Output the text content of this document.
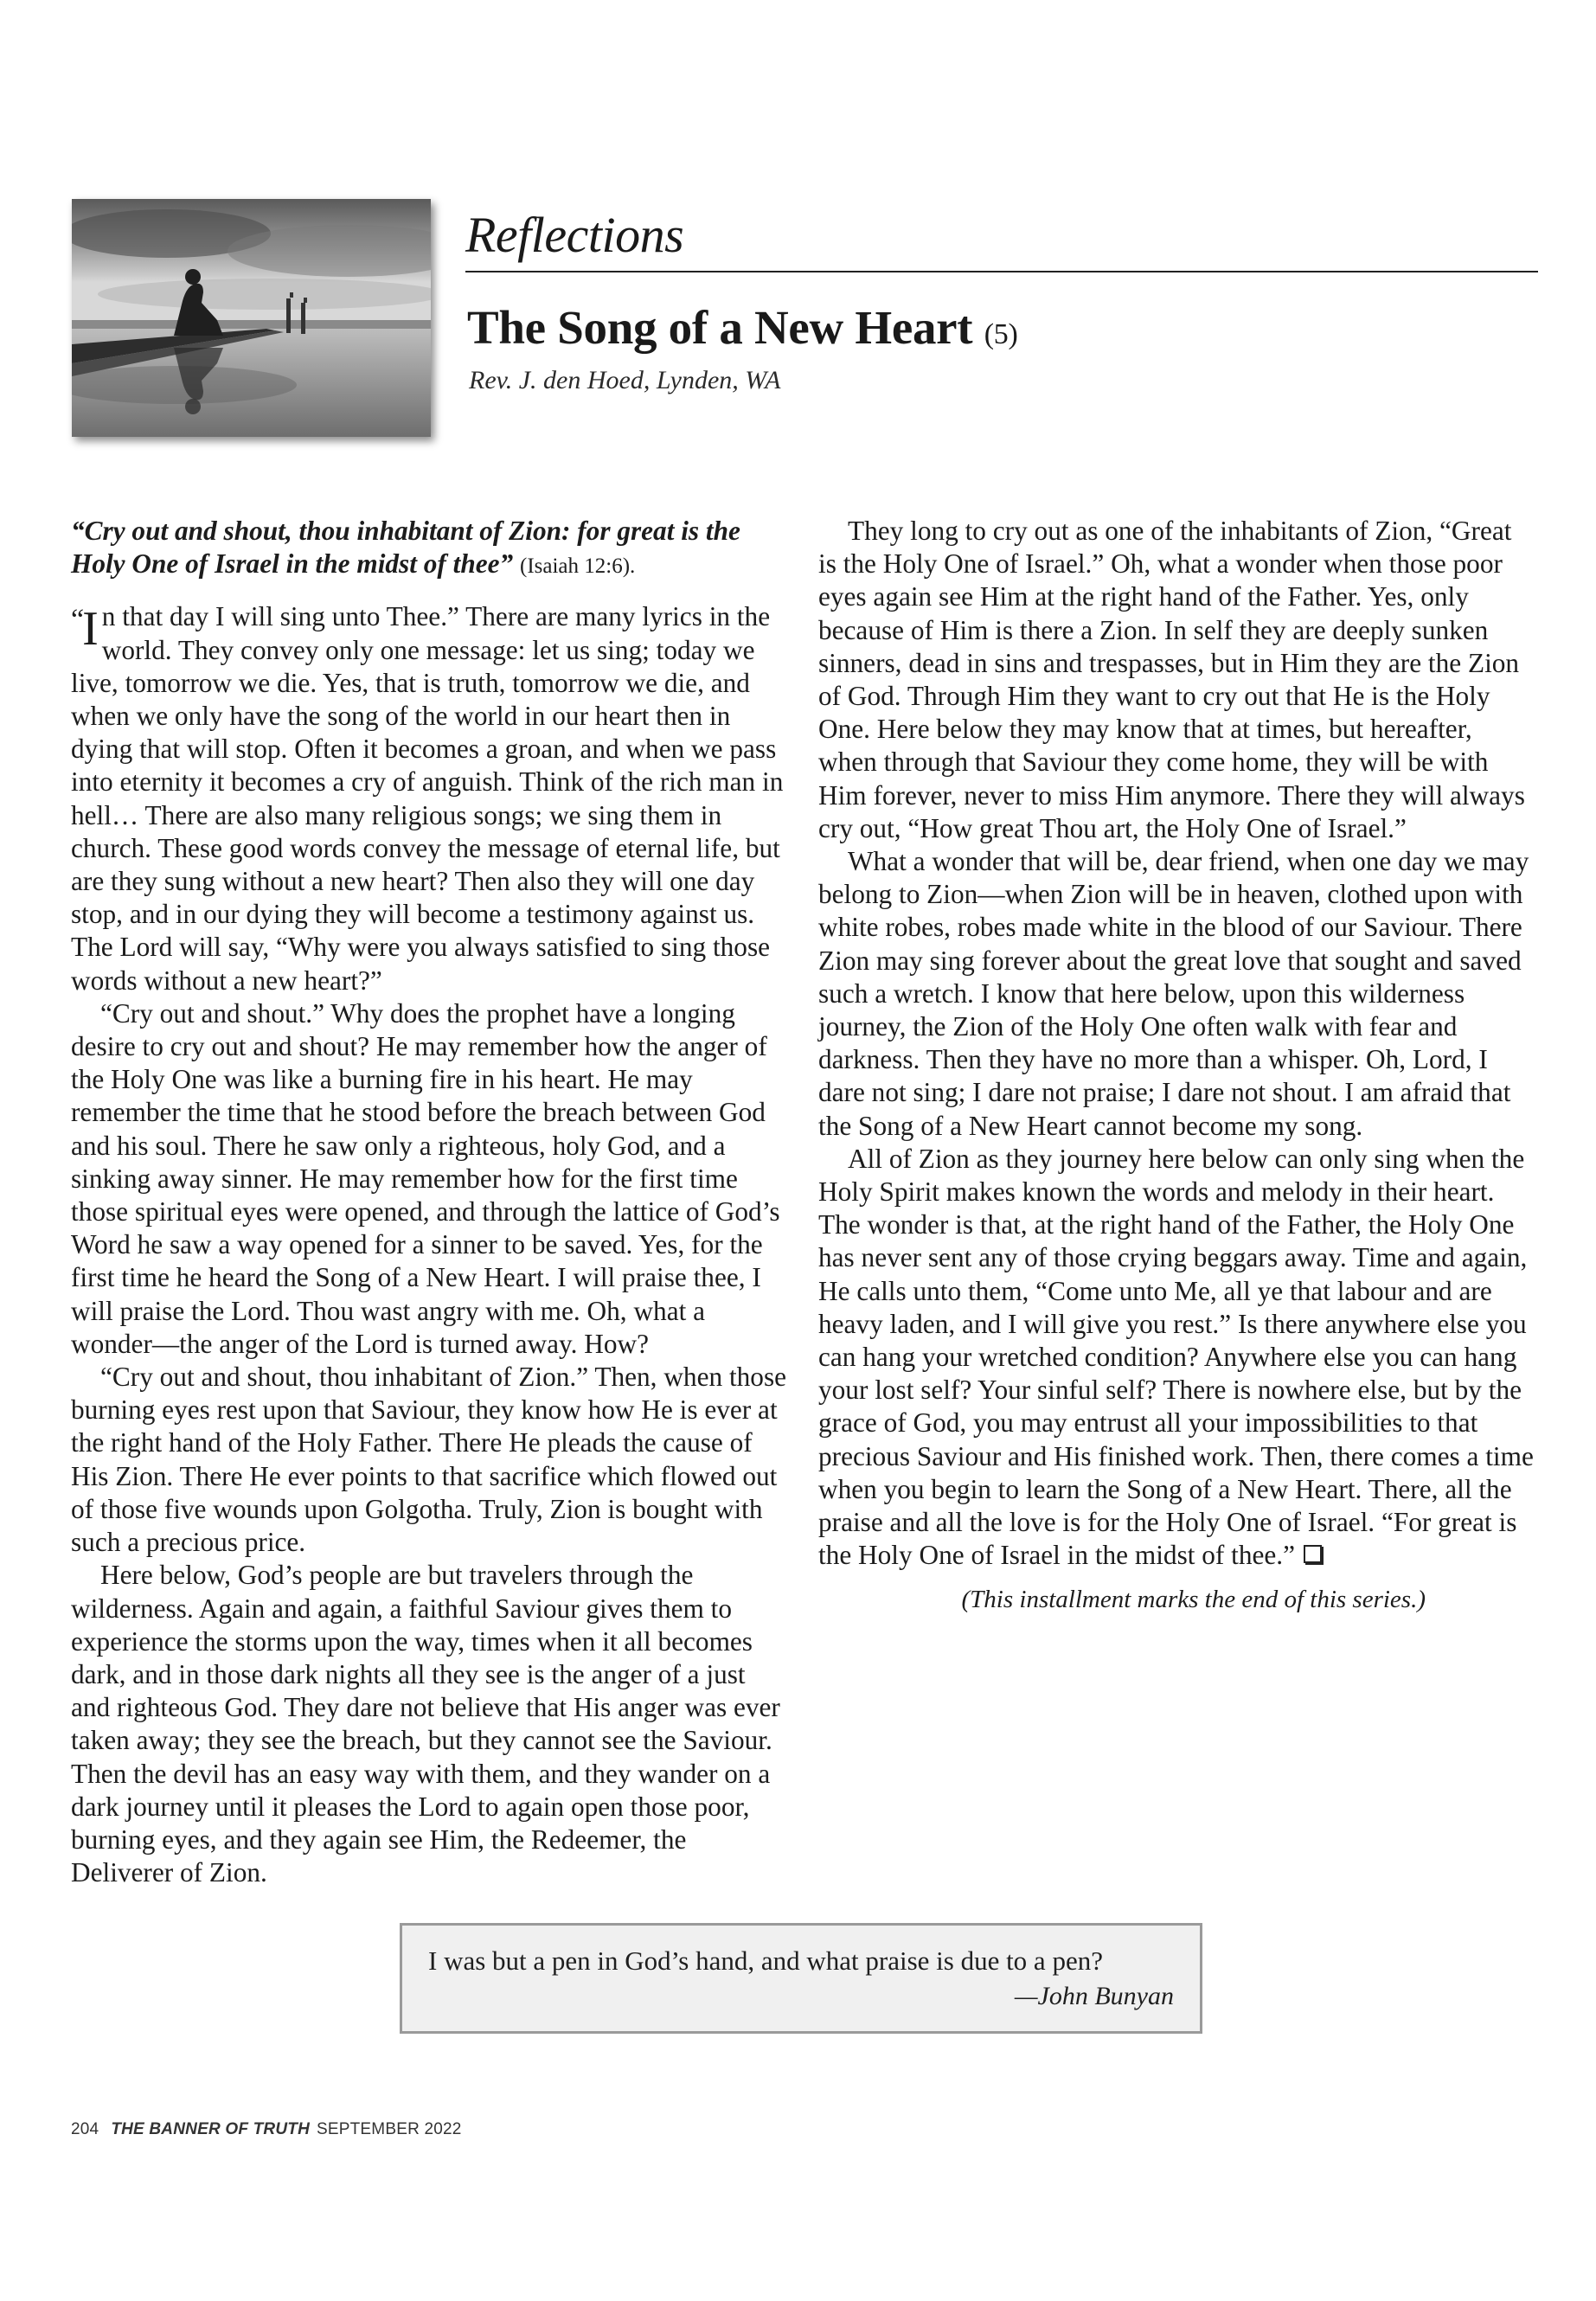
Reflections
The Song of a New Heart (5)
Rev. J. den Hoed, Lynden, WA

“Cry out and shout, thou inhabitant of Zion: for great is the Holy One of Israel in the midst of thee” (Isaiah 12:6).

“I n that day I will sing unto Thee.” There are many lyrics in the world. They convey only one message: let us sing; today we live, tomorrow we die. Yes, that is truth, tomorrow we die, and when we only have the song of the world in our heart then in dying that will stop. Often it becomes a groan, and when we pass into eternity it becomes a cry of anguish. Think of the rich man in hell… There are also many religious songs; we sing them in church. These good words convey the message of eternal life, but are they sung without a new heart? Then also they will one day stop, and in our dying they will become a testimony against us. The Lord will say, “Why were you always satisfied to sing those words without a new heart?”

“Cry out and shout.” Why does the prophet have a longing desire to cry out and shout? He may remember how the anger of the Holy One was like a burning fire in his heart. He may remember the time that he stood before the breach between God and his soul. There he saw only a righteous, holy God, and a sinking away sinner. He may remember how for the first time those spiritual eyes were opened, and through the lattice of God’s Word he saw a way opened for a sinner to be saved. Yes, for the first time he heard the Song of a New Heart. I will praise thee, I will praise the Lord. Thou wast angry with me. Oh, what a wonder—the anger of the Lord is turned away. How?

“Cry out and shout, thou inhabitant of Zion.” Then, when those burning eyes rest upon that Saviour, they know how He is ever at the right hand of the Holy Father. There He pleads the cause of His Zion. There He ever points to that sacrifice which flowed out of those five wounds upon Golgotha. Truly, Zion is bought with such a precious price.

Here below, God’s people are but travelers through the wilderness. Again and again, a faithful Saviour gives them to experience the storms upon the way, times when it all becomes dark, and in those dark nights all they see is the anger of a just and righteous God. They dare not believe that His anger was ever taken away; they see the breach, but they cannot see the Saviour. Then the devil has an easy way with them, and they wander on a dark journey until it pleases the Lord to again open those poor, burning eyes, and they again see Him, the Redeemer, the Deliverer of Zion.

They long to cry out as one of the inhabitants of Zion, “Great is the Holy One of Israel.” Oh, what a wonder when those poor eyes again see Him at the right hand of the Father. Yes, only because of Him is there a Zion. In self they are deeply sunken sinners, dead in sins and trespasses, but in Him they are the Zion of God. Through Him they want to cry out that He is the Holy One. Here below they may know that at times, but hereafter, when through that Saviour they come home, they will be with Him forever, never to miss Him anymore. There they will always cry out, “How great Thou art, the Holy One of Israel.”

What a wonder that will be, dear friend, when one day we may belong to Zion—when Zion will be in heaven, clothed upon with white robes, robes made white in the blood of our Saviour. There Zion may sing forever about the great love that sought and saved such a wretch. I know that here below, upon this wilderness journey, the Zion of the Holy One often walk with fear and darkness. Then they have no more than a whisper. Oh, Lord, I dare not sing; I dare not praise; I dare not shout. I am afraid that the Song of a New Heart cannot become my song.

All of Zion as they journey here below can only sing when the Holy Spirit makes known the words and melody in their heart. The wonder is that, at the right hand of the Father, the Holy One has never sent any of those crying beggars away. Time and again, He calls unto them, “Come unto Me, all ye that labour and are heavy laden, and I will give you rest.” Is there anywhere else you can hang your wretched condition? Anywhere else you can hang your lost self? Your sinful self? There is nowhere else, but by the grace of God, you may entrust all your impossibilities to that precious Saviour and His finished work. Then, there comes a time when you begin to learn the Song of a New Heart. There, all the praise and all the love is for the Holy One of Israel. “For great is the Holy One of Israel in the midst of thee.”

(This installment marks the end of this series.)

I was but a pen in God’s hand, and what praise is due to a pen?
—John Bunyan
204 THE BANNER OF TRUTH SEPTEMBER 2022
